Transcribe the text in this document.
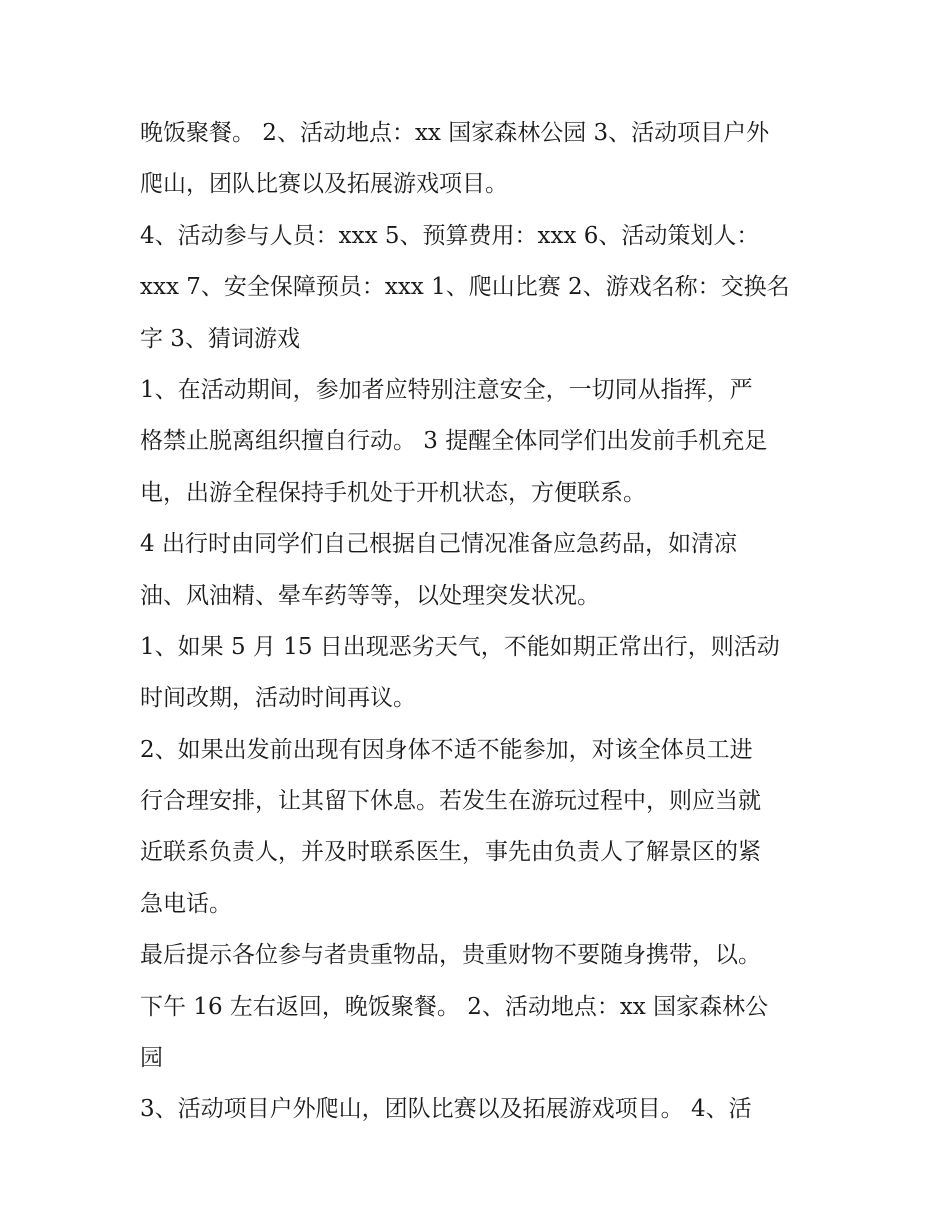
晚饭聚餐。 2、活动地点：xx 国家森林公园 3、活动项目户外
爬山，团队比赛以及拓展游戏项目。
4、活动参与人员：xxx 5、预算费用：xxx 6、活动策划人：
xxx 7、安全保障预员：xxx 1、爬山比赛 2、游戏名称：交换名
字 3、猜词游戏
1、在活动期间，参加者应特别注意安全，一切同从指挥，严
格禁止脱离组织擅自行动。 3 提醒全体同学们出发前手机充足
电，出游全程保持手机处于开机状态，方便联系。
4 出行时由同学们自己根据自己情况准备应急药品，如清凉
油、风油精、晕车药等等，以处理突发状况。
1、如果 5 月 15 日出现恶劣天气，不能如期正常出行，则活动
时间改期，活动时间再议。
2、如果出发前出现有因身体不适不能参加，对该全体员工进
行合理安排，让其留下休息。若发生在游玩过程中，则应当就
近联系负责人，并及时联系医生，事先由负责人了解景区的紧
急电话。
最后提示各位参与者贵重物品，贵重财物不要随身携带，以。
下午 16 左右返回，晚饭聚餐。 2、活动地点：xx 国家森林公
园
3、活动项目户外爬山，团队比赛以及拓展游戏项目。 4、活
